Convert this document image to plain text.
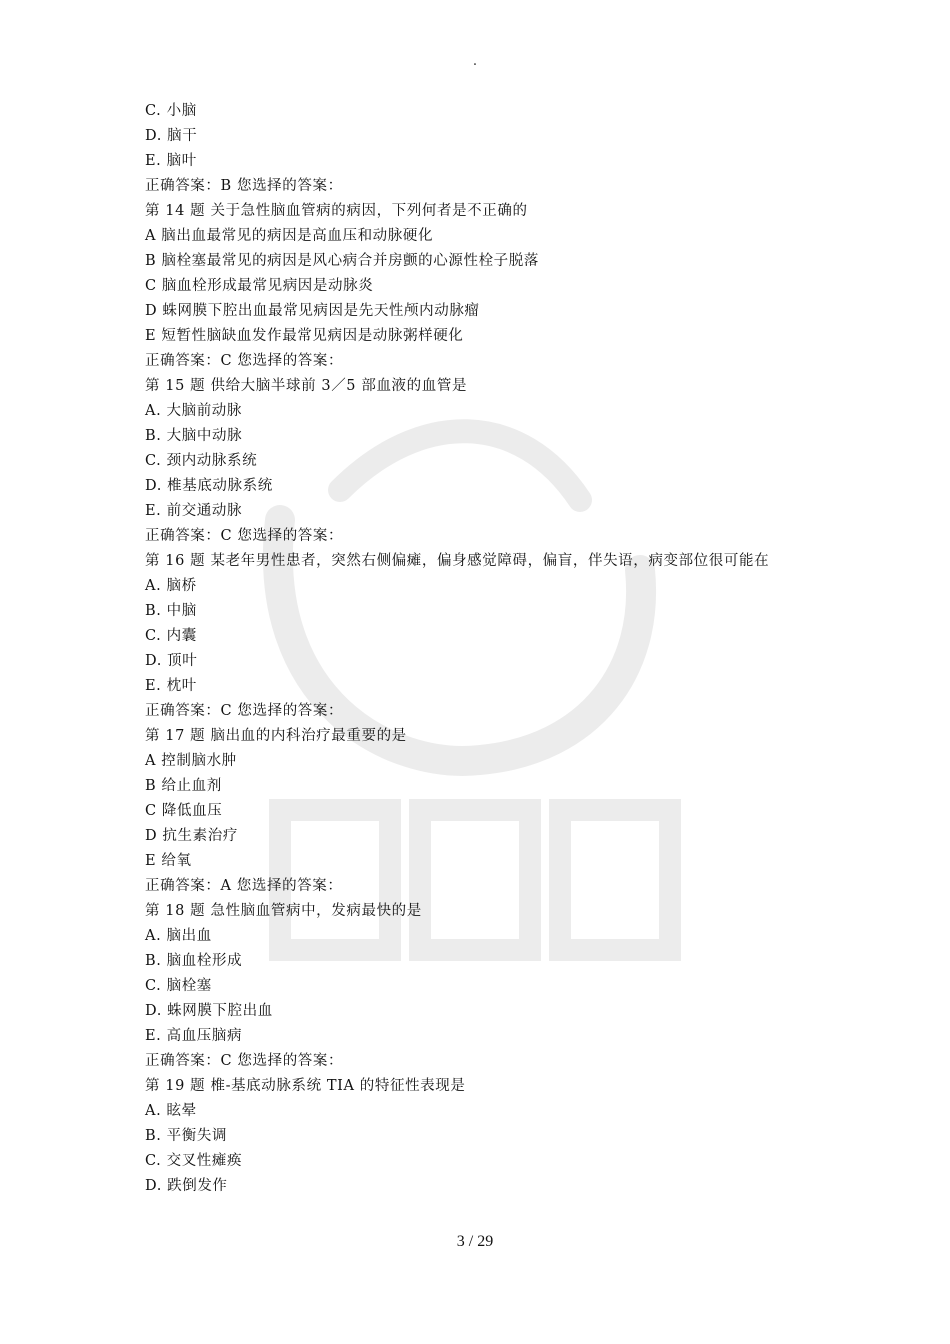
.
C. 小脑
D. 脑干
E. 脑叶
正确答案：B 您选择的答案：
第 14 题 关于急性脑血管病的病因，下列何者是不正确的
A 脑出血最常见的病因是高血压和动脉硬化
B 脑栓塞最常见的病因是风心病合并房颤的心源性栓子脱落
C 脑血栓形成最常见病因是动脉炎
D 蛛网膜下腔出血最常见病因是先天性颅内动脉瘤
E 短暂性脑缺血发作最常见病因是动脉粥样硬化
正确答案：C 您选择的答案：
第 15 题 供给大脑半球前 3／5 部血液的血管是
A. 大脑前动脉
B. 大脑中动脉
C. 颈内动脉系统
D. 椎基底动脉系统
E. 前交通动脉
正确答案：C 您选择的答案：
第 16 题 某老年男性患者，突然右侧偏瘫，偏身感觉障碍，偏盲，伴失语，病变部位很可能在
A. 脑桥
B. 中脑
C. 内囊
D. 顶叶
E. 枕叶
正确答案：C 您选择的答案：
第 17 题 脑出血的内科治疗最重要的是
A 控制脑水肿
B 给止血剂
C 降低血压
D 抗生素治疗
E 给氧
正确答案：A 您选择的答案：
第 18 题 急性脑血管病中，发病最快的是
A. 脑出血
B. 脑血栓形成
C. 脑栓塞
D. 蛛网膜下腔出血
E. 高血压脑病
正确答案：C 您选择的答案：
第 19 题 椎-基底动脉系统 TIA 的特征性表现是
A. 眩晕
B. 平衡失调
C. 交叉性瘫痪
D. 跌倒发作
3 / 29
